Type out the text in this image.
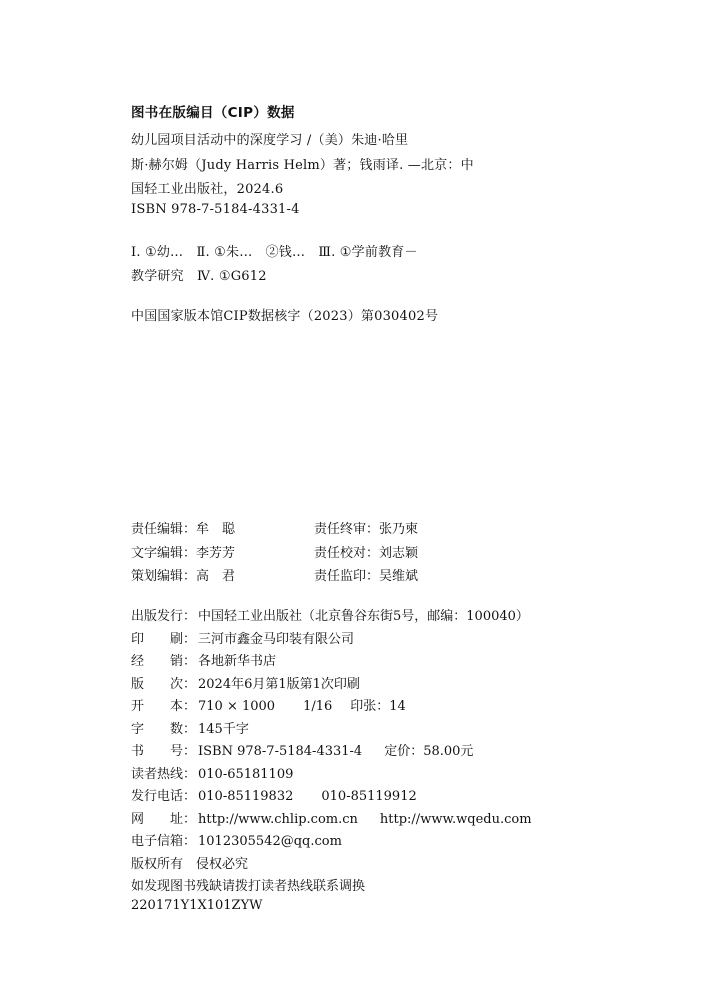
图书在版编目（CIP）数据
幼儿园项目活动中的深度学习 /（美）朱迪·哈里
斯·赫尔姆（Judy Harris Helm）著；钱雨译. —北京：中
国轻工业出版社，2024.6
ISBN 978-7-5184-4331-4
Ⅰ. ①幼…　Ⅱ. ①朱…　②钱…　Ⅲ. ①学前教育－
教学研究　Ⅳ. ①G612
中国国家版本馆CIP数据核字（2023）第030402号
责任编辑：牟　聪	责任终审：张乃柬
文字编辑：李芳芳	责任校对：刘志颖
策划编辑：高　君	责任监印：吴维斌
出版发行： 中国轻工业出版社（北京鲁谷东街5号，邮编：100040）
印　　刷： 三河市鑫金马印装有限公司
经　　销： 各地新华书店
版　　次： 2024年6月第1版第1次印刷
开　　本： 710 × 1000 1/16 印张：14
字　　数： 145千字
书　　号： ISBN 978-7-5184-4331-4 定价：58.00元
读者热线： 010-65181109
发行电话： 010-85119832 010-85119912
网　　址： http://www.chlip.com.cn http://www.wqedu.com
电子信箱： 1012305542@qq.com
版权所有　侵权必究
如发现图书残缺请拨打读者热线联系调换
220171Y1X101ZYW
